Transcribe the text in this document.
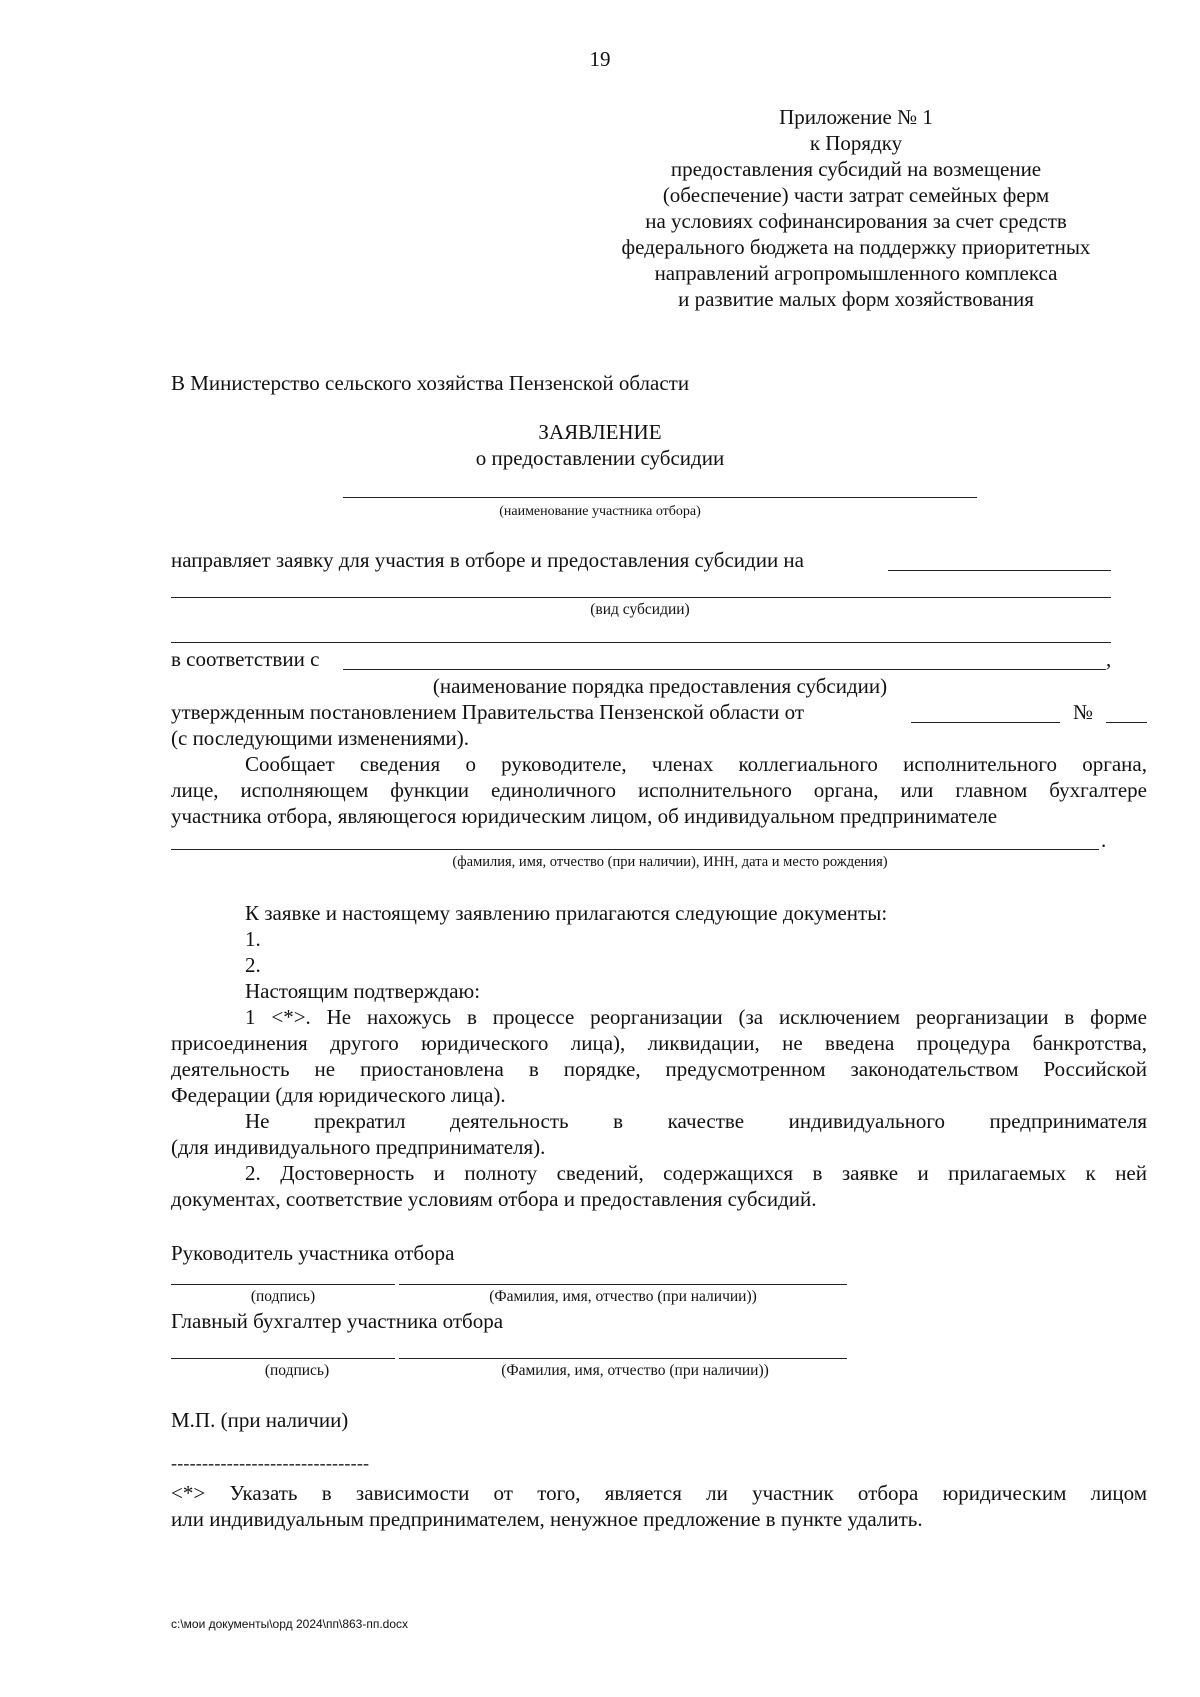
19
Приложение № 1
к Порядку
предоставления субсидий на возмещение
(обеспечение) части затрат семейных ферм
на условиях софинансирования за счет средств
федерального бюджета на поддержку приоритетных
направлений агропромышленного комплекса
и развитие малых форм хозяйствования
В Министерство сельского хозяйства Пензенской области
ЗАЯВЛЕНИЕ
о предоставлении субсидии
(наименование участника отбора)
направляет заявку для участия в отборе и предоставления субсидии на
(вид субсидии)
в соответствии с	,
(наименование порядка предоставления субсидии)
утвержденным постановлением Правительства Пензенской области от	№
(с последующими изменениями).
Сообщает сведения о руководителе, членах коллегиального исполнительного органа,
лице, исполняющем функции единоличного исполнительного органа, или главном бухгалтере
участника отбора, являющегося юридическим лицом, об индивидуальном предпринимателе
.
(фамилия, имя, отчество (при наличии), ИНН, дата и место рождения)
К заявке и настоящему заявлению прилагаются следующие документы:
1.
2.
Настоящим подтверждаю:
1 <*>. Не нахожусь в процессе реорганизации (за исключением реорганизации в форме
присоединения другого юридического лица), ликвидации, не введена процедура банкротства,
деятельность не приостановлена в порядке, предусмотренном законодательством Российской
Федерации (для юридического лица).
Не прекратил деятельность в качестве индивидуального предпринимателя
(для индивидуального предпринимателя).
2. Достоверность и полноту сведений, содержащихся в заявке и прилагаемых к ней
документах, соответствие условиям отбора и предоставления субсидий.
Руководитель участника отбора
(подпись)	(Фамилия, имя, отчество (при наличии))
Главный бухгалтер участника отбора
(подпись)	(Фамилия, имя, отчество (при наличии))
М.П. (при наличии)
--------------------------------
<*> Указать в зависимости от того, является ли участник отбора юридическим лицом
или индивидуальным предпринимателем, ненужное предложение в пункте удалить.
c:\мои документы\орд 2024\пп\863-пп.docx
